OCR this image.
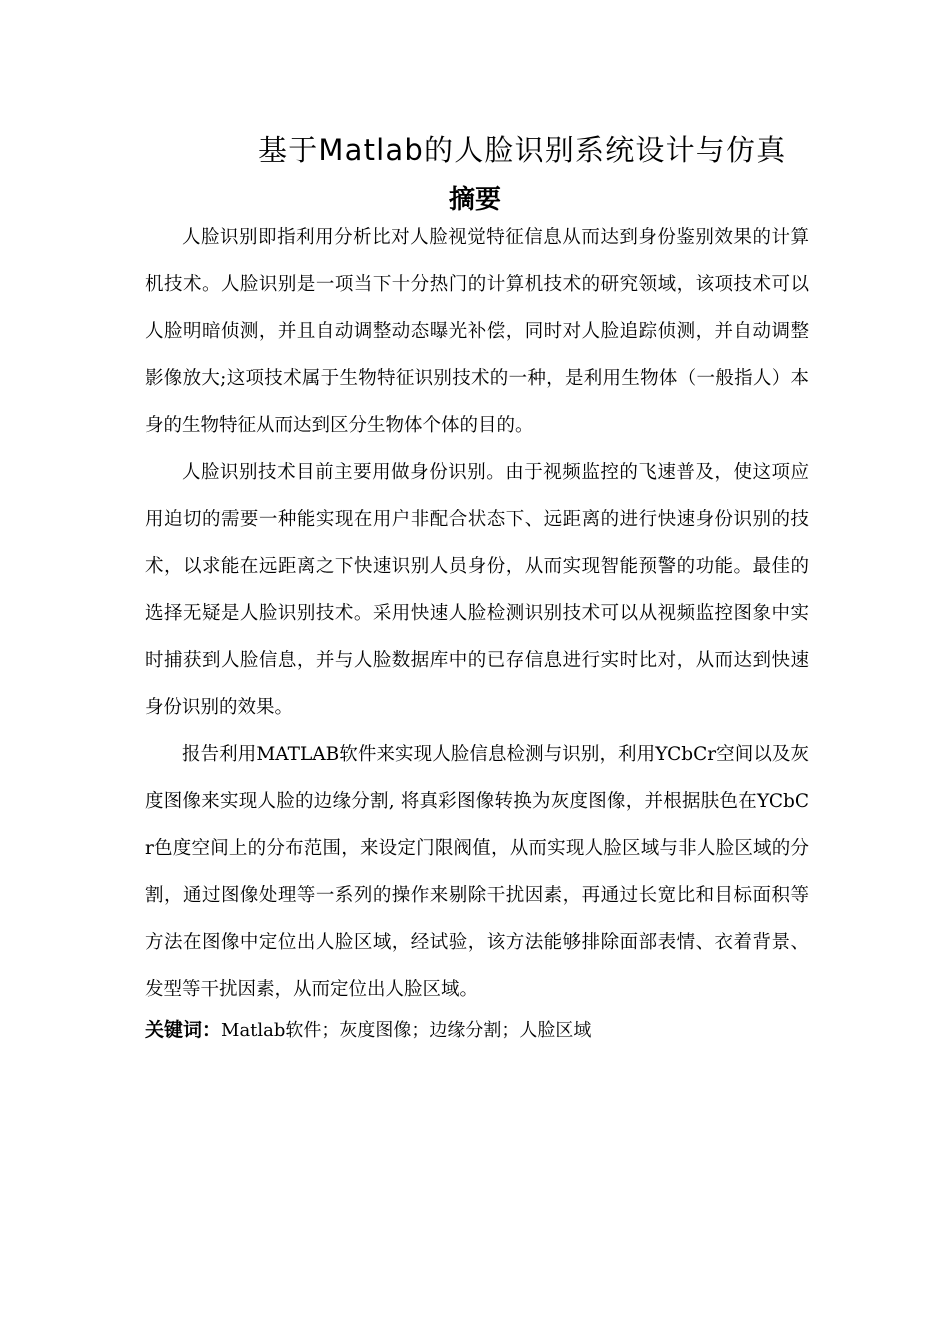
基于Matlab的人脸识别系统设计与仿真
摘要

人脸识别即指利用分析比对人脸视觉特征信息从而达到身份鉴别效果的计算机技术。人脸识别是一项当下十分热门的计算机技术的研究领域，该项技术可以人脸明暗侦测，并且自动调整动态曝光补偿，同时对人脸追踪侦测，并自动调整影像放大;这项技术属于生物特征识别技术的一种，是利用生物体（一般指人）本身的生物特征从而达到区分生物体个体的目的。

人脸识别技术目前主要用做身份识别。由于视频监控的飞速普及，使这项应用迫切的需要一种能实现在用户非配合状态下、远距离的进行快速身份识别的技术，以求能在远距离之下快速识别人员身份，从而实现智能预警的功能。最佳的选择无疑是人脸识别技术。采用快速人脸检测识别技术可以从视频监控图象中实时捕获到人脸信息，并与人脸数据库中的已存信息进行实时比对，从而达到快速身份识别的效果。

报告利用MATLAB软件来实现人脸信息检测与识别，利用YCbCr空间以及灰度图像来实现人脸的边缘分割, 将真彩图像转换为灰度图像，并根据肤色在YCbCr色度空间上的分布范围，来设定门限阀值，从而实现人脸区域与非人脸区域的分割，通过图像处理等一系列的操作来剔除干扰因素，再通过长宽比和目标面积等方法在图像中定位出人脸区域，经试验，该方法能够排除面部表情、衣着背景、发型等干扰因素，从而定位出人脸区域。

关键词：Matlab软件；灰度图像；边缘分割；人脸区域
